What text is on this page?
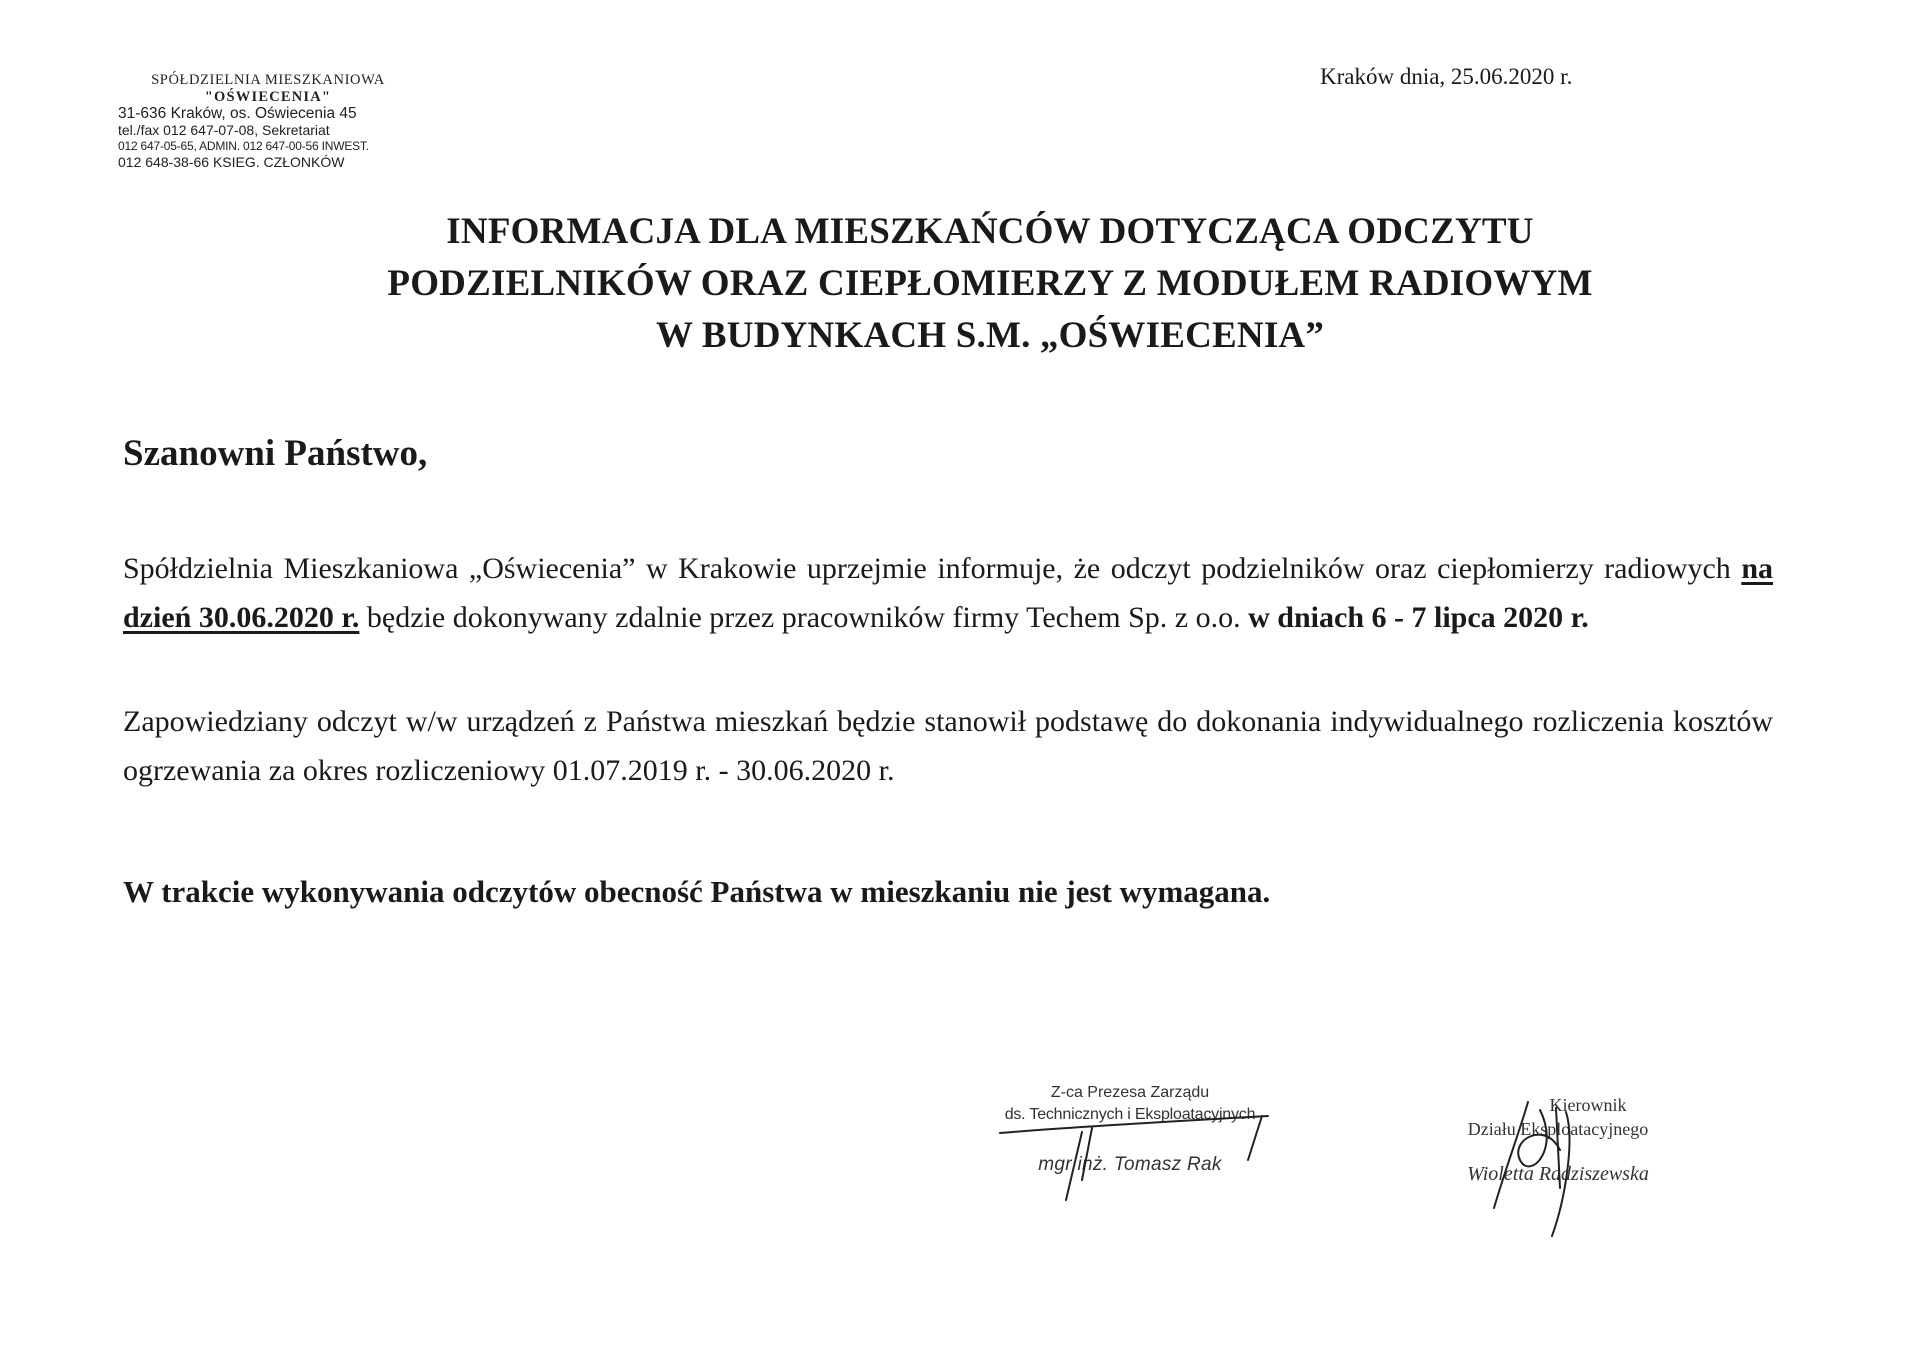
SPÓŁDZIELNIA MIESZKANIOWA
"OŚWIECENIA"
31-636 Kraków, os. Oświecenia 45
tel./fax 012 647-07-08, Sekretariat
012 647-05-65, ADMIN. 012 647-00-56 INWEST.
012 648-38-66 KSIEG. CZŁONKÓW
Kraków dnia, 25.06.2020 r.
INFORMACJA DLA MIESZKAŃCÓW DOTYCZĄCA ODCZYTU
PODZIELNIKÓW ORAZ CIEPŁOMIERZY Z MODUŁEM RADIOWYM
W BUDYNKACH S.M. „OŚWIECENIA”
Szanowni Państwo,
Spółdzielnia Mieszkaniowa „Oświecenia” w Krakowie uprzejmie informuje, że odczyt podzielników oraz ciepłomierzy radiowych na dzień 30.06.2020 r. będzie dokonywany zdalnie przez pracowników firmy Techem Sp. z o.o. w dniach 6 - 7 lipca 2020 r.
Zapowiedziany odczyt w/w urządzeń z Państwa mieszkań będzie stanowił podstawę do dokonania indywidualnego rozliczenia kosztów ogrzewania za okres rozliczeniowy 01.07.2019 r. - 30.06.2020 r.
W trakcie wykonywania odczytów obecność Państwa w mieszkaniu nie jest wymagana.
Z-ca Prezesa Zarządu
ds. Technicznych i Eksploatacyjnych
mgr inż. Tomasz Rak
Kierownik
Działu Eksploatacyjnego
Wioletta Radziszewska
